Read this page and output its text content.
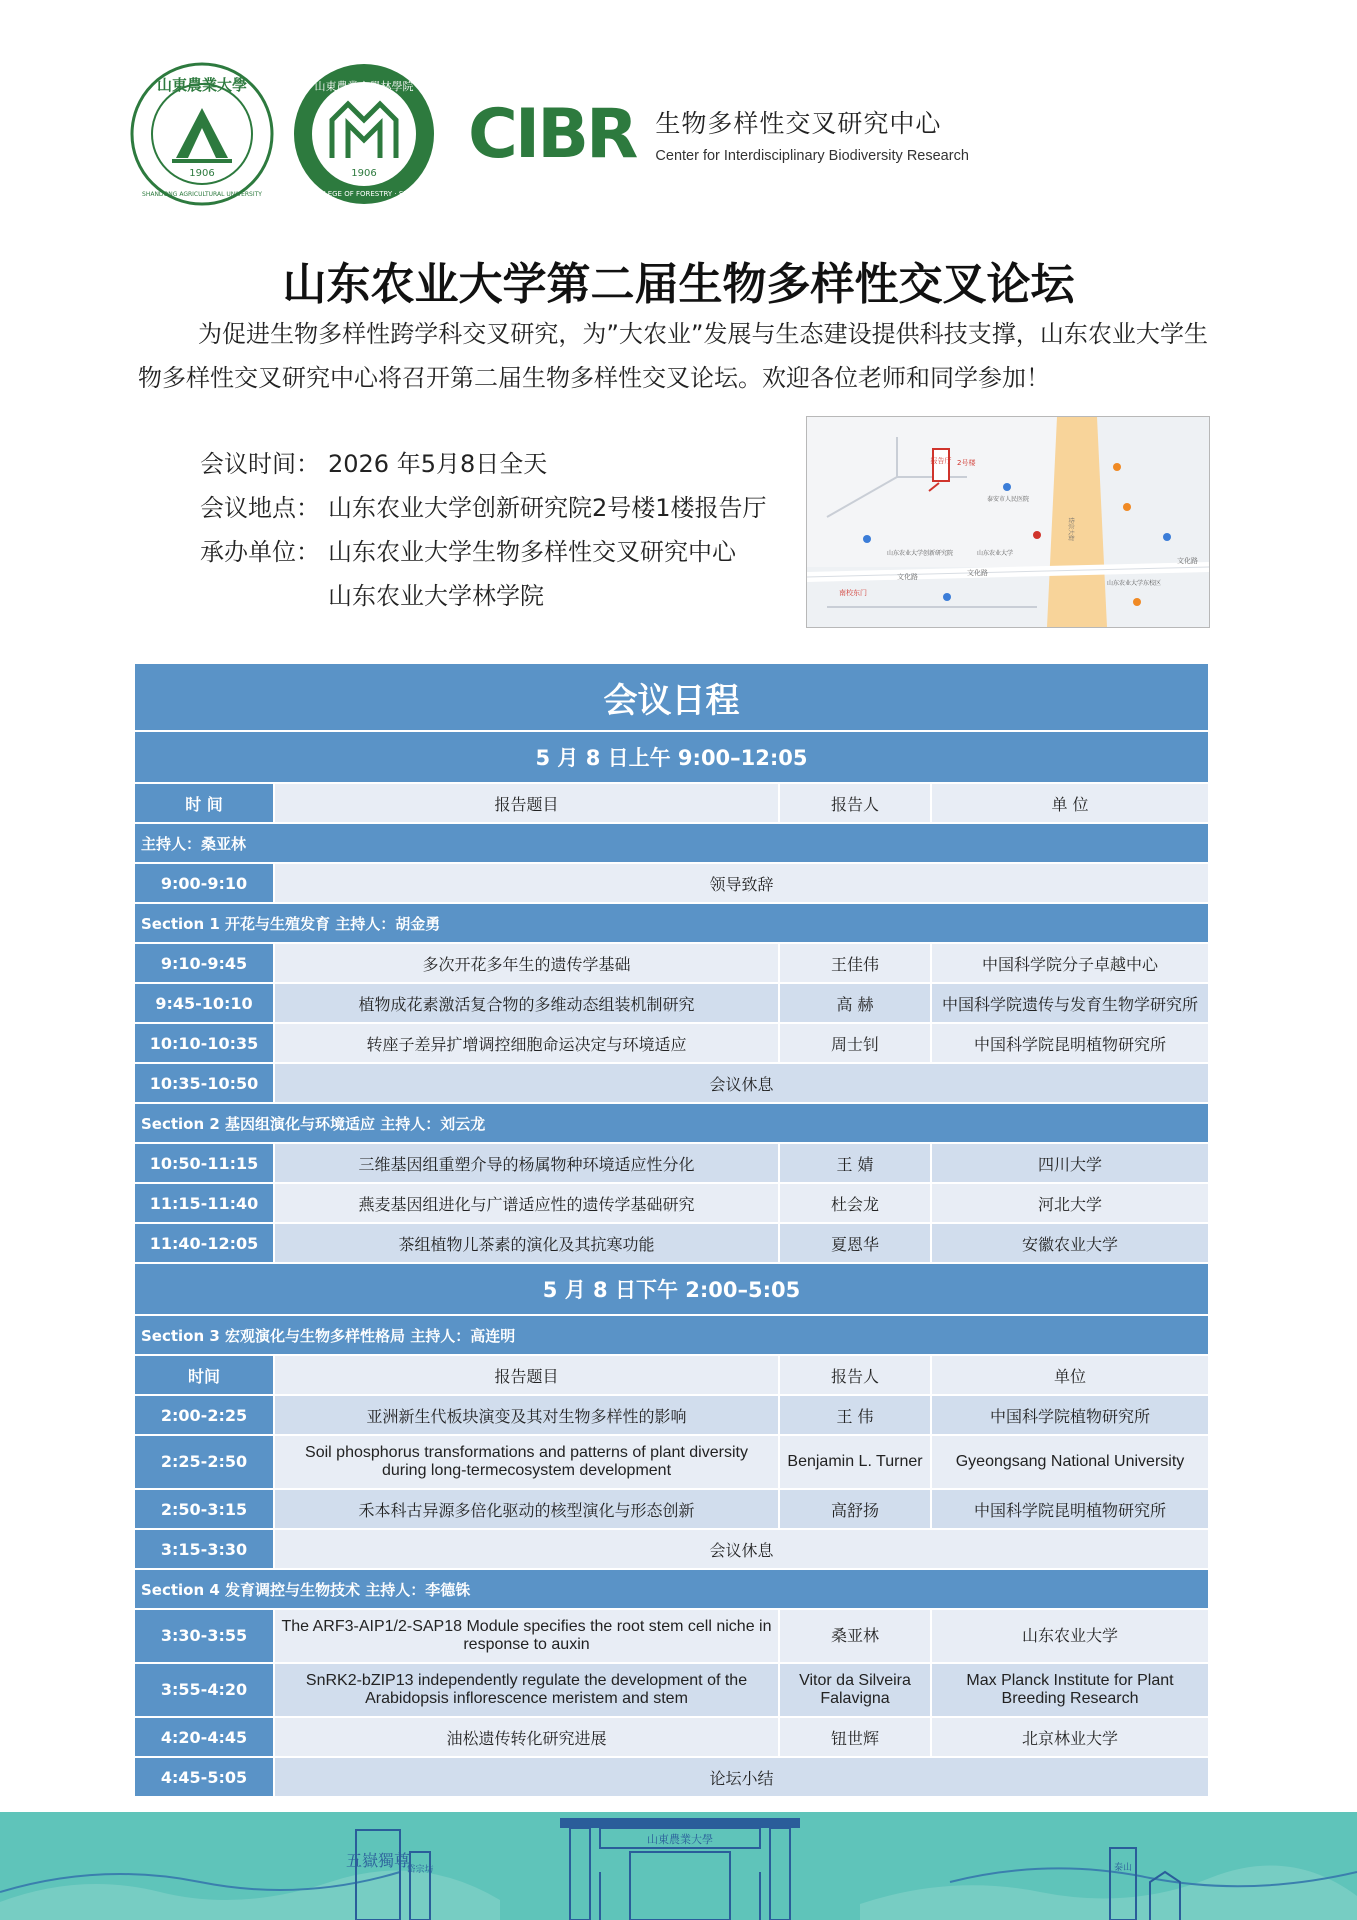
山東農業大學
1906
SHANDONG AGRICULTURAL UNIVERSITY
山東農業大學林學院
1906
COLLEGE OF FORESTRY · SDAU
CIBR 生物多样性交叉研究中心
Center for Interdisciplinary Biodiversity Research
山东农业大学第二届生物多样性交叉论坛

为促进生物多样性跨学科交叉研究，为”大农业”发展与生态建设提供科技支撑，山东农业大学生物多样性交叉研究中心将召开第二届生物多样性交叉论坛。欢迎各位老师和同学参加！

会议时间： 2026 年5月8日全天
会议地点： 山东农业大学创新研究院2号楼1楼报告厅
承办单位： 山东农业大学生物多样性交叉研究中心
山东农业大学林学院
报告厅 2号楼
南校东门
文化路	文化路
文化路
岱宗大街
山东农业大学创新研究院
山东农业大学东校区
山东农业大学
泰安市人民医院
会议日程			
5 月 8 日上午 9:00–12:05			
时 间	报告题目	报告人	单 位
主持人：桑亚林			
9:00-9:10	领导致辞		
Section 1 开花与生殖发育 主持人：胡金勇			
9:10-9:45	多次开花多年生的遗传学基础	王佳伟	中国科学院分子卓越中心
9:45-10:10	植物成花素激活复合物的多维动态组装机制研究	高 赫	中国科学院遗传与发育生物学研究所
10:10-10:35	转座子差异扩增调控细胞命运决定与环境适应	周士钊	中国科学院昆明植物研究所
10:35-10:50	会议休息		
Section 2 基因组演化与环境适应 主持人：刘云龙			
10:50-11:15	三维基因组重塑介导的杨属物种环境适应性分化	王 婧	四川大学
11:15-11:40	燕麦基因组进化与广谱适应性的遗传学基础研究	杜会龙	河北大学
11:40-12:05	茶组植物儿茶素的演化及其抗寒功能	夏恩华	安徽农业大学
5 月 8 日下午 2:00–5:05			
Section 3 宏观演化与生物多样性格局 主持人：高连明			
时间	报告题目	报告人	单位
2:00-2:25	亚洲新生代板块演变及其对生物多样性的影响	王 伟	中国科学院植物研究所
2:25-2:50	Soil phosphorus transformations and patterns of plant diversity during long-termecosystem development	Benjamin L. Turner	Gyeongsang National University
2:50-3:15	禾本科古异源多倍化驱动的核型演化与形态创新	高舒扬	中国科学院昆明植物研究所
3:15-3:30	会议休息		
Section 4 发育调控与生物技术 主持人：李德铢			
3:30-3:55	The ARF3-AIP1/2-SAP18 Module specifies the root stem cell niche in response to auxin	桑亚林	山东农业大学
3:55-4:20	SnRK2-bZIP13 independently regulate the development of the Arabidopsis inflorescence meristem and stem	Vitor da Silveira Falavigna	Max Planck Institute for Plant Breeding Research
4:20-4:45	油松遗传转化研究进展	钮世辉	北京林业大学
4:45-5:05	论坛小结		
五嶽獨尊
岱宗坊
山東農業大學
泰山
